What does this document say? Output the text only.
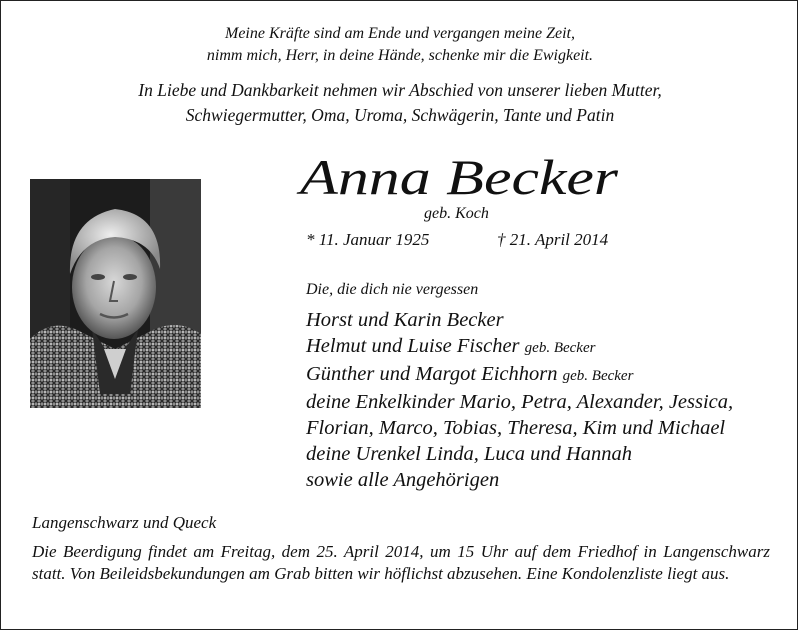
Meine Kräfte sind am Ende und vergangen meine Zeit,
nimm mich, Herr, in deine Hände, schenke mir die Ewigkeit.
In Liebe und Dankbarkeit nehmen wir Abschied von unserer lieben Mutter,
Schwiegermutter, Oma, Uroma, Schwägerin, Tante und Patin
Anna Becker
geb. Koch
* 11. Januar 1925	† 21. April 2014
Die, die dich nie vergessen
Horst und Karin Becker
Helmut und Luise Fischer geb. Becker
Günther und Margot Eichhorn geb. Becker
deine Enkelkinder Mario, Petra, Alexander, Jessica,
Florian, Marco, Tobias, Theresa, Kim und Michael
deine Urenkel Linda, Luca und Hannah
sowie alle Angehörigen
Langenschwarz und Queck
Die Beerdigung findet am Freitag, dem 25. April 2014, um 15 Uhr auf dem Friedhof in Langenschwarz statt. Von Beileidsbekundungen am Grab bitten wir höflichst abzusehen. Eine Kondolenzliste liegt aus.
